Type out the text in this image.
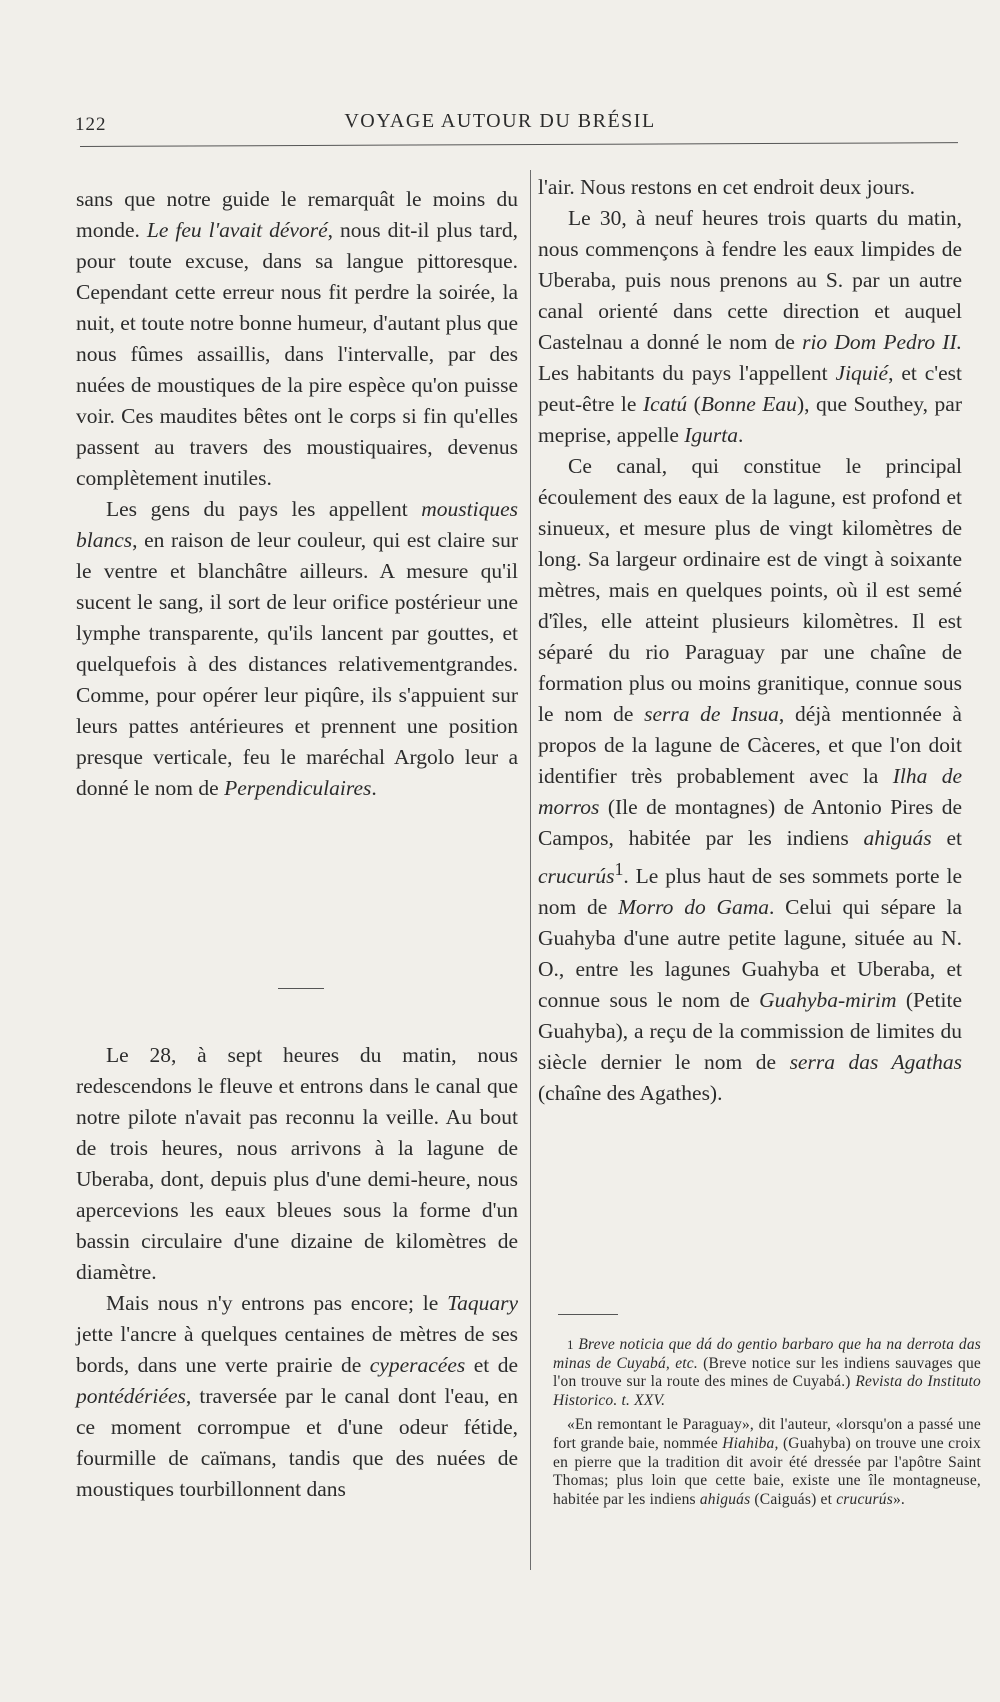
122	VOYAGE AUTOUR DU BRÉSIL

sans que notre guide le remarquât le moins du monde. Le feu l'avait dévoré, nous dit-il plus tard, pour toute excuse, dans sa langue pittoresque. Cependant cette erreur nous fit perdre la soirée, la nuit, et toute notre bonne humeur, d'autant plus que nous fûmes assaillis, dans l'intervalle, par des nuées de moustiques de la pire espèce qu'on puisse voir. Ces maudites bêtes ont le corps si fin qu'elles passent au travers des moustiquaires, devenus complètement inutiles.

Les gens du pays les appellent moustiques blancs, en raison de leur couleur, qui est claire sur le ventre et blanchâtre ailleurs. A mesure qu'il sucent le sang, il sort de leur orifice postérieur une lymphe transparente, qu'ils lancent par gouttes, et quelquefois à des distances relativementgrandes. Comme, pour opérer leur piqûre, ils s'appuient sur leurs pattes antérieures et prennent une position presque verticale, feu le maréchal Argolo leur a donné le nom de Perpendiculaires.

Le 28, à sept heures du matin, nous redescendons le fleuve et entrons dans le canal que notre pilote n'avait pas reconnu la veille. Au bout de trois heures, nous arrivons à la lagune de Uberaba, dont, depuis plus d'une demi-heure, nous apercevions les eaux bleues sous la forme d'un bassin circulaire d'une dizaine de kilomètres de diamètre.

Mais nous n'y entrons pas encore; le Taquary jette l'ancre à quelques centaines de mètres de ses bords, dans une verte prairie de cyperacées et de pontédériées, traversée par le canal dont l'eau, en ce moment corrompue et d'une odeur fétide, fourmille de caïmans, tandis que des nuées de moustiques tourbillonnent dans

l'air. Nous restons en cet endroit deux jours.

Le 30, à neuf heures trois quarts du matin, nous commençons à fendre les eaux limpides de Uberaba, puis nous prenons au S. par un autre canal orienté dans cette direction et auquel Castelnau a donné le nom de rio Dom Pedro II. Les habitants du pays l'appellent Jiquié, et c'est peut-être le Icatú (Bonne Eau), que Southey, par meprise, appelle Igurta.

Ce canal, qui constitue le principal écoulement des eaux de la lagune, est profond et sinueux, et mesure plus de vingt kilomètres de long. Sa largeur ordinaire est de vingt à soixante mètres, mais en quelques points, où il est semé d'îles, elle atteint plusieurs kilomètres. Il est séparé du rio Paraguay par une chaîne de formation plus ou moins granitique, connue sous le nom de serra de Insua, déjà mentionnée à propos de la lagune de Càceres, et que l'on doit identifier très probablement avec la Ilha de morros (Ile de montagnes) de Antonio Pires de Campos, habitée par les indiens ahiguás et crucurús$^1$. Le plus haut de ses sommets porte le nom de Morro do Gama. Celui qui sépare la Guahyba d'une autre petite lagune, située au N. O., entre les lagunes Guahyba et Uberaba, et connue sous le nom de Guahyba-mirim (Petite Guahyba), a reçu de la commission de limites du siècle dernier le nom de serra das Agathas (chaîne des Agathes).

1 Breve noticia que dá do gentio barbaro que ha na derrota das minas de Cuyabá, etc. (Breve notice sur les indiens sauvages que l'on trouve sur la route des mines de Cuyabá.) Revista do Instituto Historico. t. XXV.

«En remontant le Paraguay», dit l'auteur, «lorsqu'on a passé une fort grande baie, nommée Hiahiba, (Guahyba) on trouve une croix en pierre que la tradition dit avoir été dressée par l'apôtre Saint Thomas; plus loin que cette baie, existe une île montagneuse, habitée par les indiens ahiguás (Caiguás) et crucurús».
